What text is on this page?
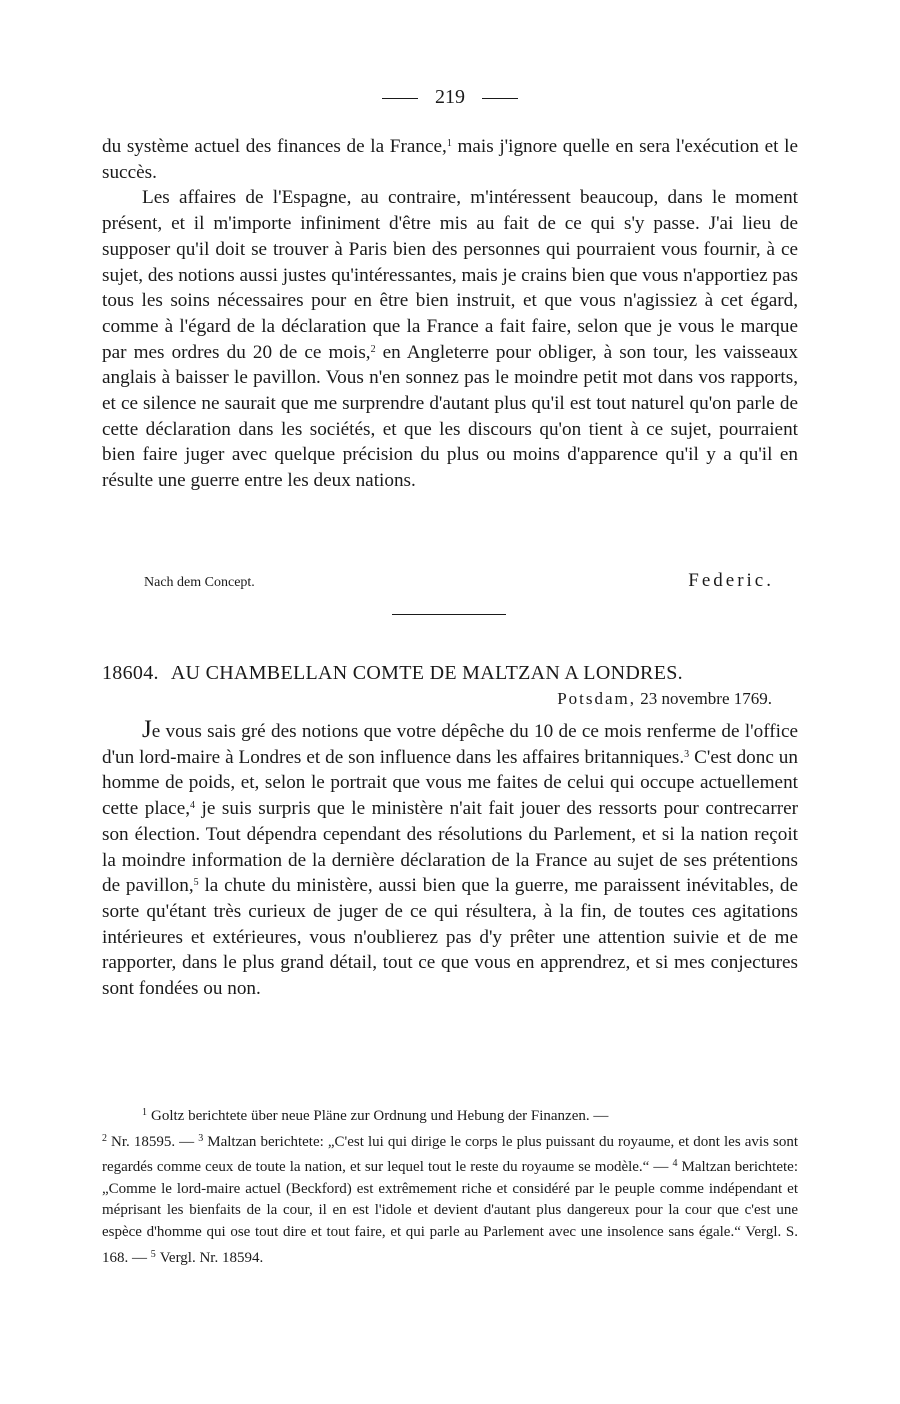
219

du système actuel des finances de la France,$^1$ mais j'ignore quelle en sera l'exécution et le succès.

Les affaires de l'Espagne, au contraire, m'intéressent beaucoup, dans le moment présent, et il m'importe infiniment d'être mis au fait de ce qui s'y passe. J'ai lieu de supposer qu'il doit se trouver à Paris bien des personnes qui pourraient vous fournir, à ce sujet, des notions aussi justes qu'intéressantes, mais je crains bien que vous n'apportiez pas tous les soins nécessaires pour en être bien instruit, et que vous n'agissiez à cet égard, comme à l'égard de la déclaration que la France a fait faire, selon que je vous le marque par mes ordres du 20 de ce mois,$^2$ en Angleterre pour obliger, à son tour, les vaisseaux anglais à baisser le pavillon. Vous n'en sonnez pas le moindre petit mot dans vos rapports, et ce silence ne saurait que me surprendre d'autant plus qu'il est tout naturel qu'on parle de cette déclaration dans les sociétés, et que les discours qu'on tient à ce sujet, pourraient bien faire juger avec quelque précision du plus ou moins d'apparence qu'il y a qu'il en résulte une guerre entre les deux nations.

Nach dem Concept.	Federic.
18604. AU CHAMBELLAN COMTE DE MALTZAN A LONDRES.
Potsdam, 23 novembre 1769.

Je vous sais gré des notions que votre dépêche du 10 de ce mois renferme de l'office d'un lord-maire à Londres et de son influence dans les affaires britanniques.$^3$ C'est donc un homme de poids, et, selon le portrait que vous me faites de celui qui occupe actuellement cette place,$^4$ je suis surpris que le ministère n'ait fait jouer des ressorts pour contrecarrer son élection. Tout dépendra cependant des résolutions du Parlement, et si la nation reçoit la moindre information de la dernière déclaration de la France au sujet de ses prétentions de pavillon,$^5$ la chute du ministère, aussi bien que la guerre, me paraissent inévitables, de sorte qu'étant très curieux de juger de ce qui résultera, à la fin, de toutes ces agitations intérieures et extérieures, vous n'oublierez pas d'y prêter une attention suivie et de me rapporter, dans le plus grand détail, tout ce que vous en apprendrez, et si mes conjectures sont fondées ou non.

$^1$ Goltz berichtete über neue Pläne zur Ordnung und Hebung der Finanzen. —

$^2$ Nr. 18595. — $^3$ Maltzan berichtete: „C'est lui qui dirige le corps le plus puissant du royaume, et dont les avis sont regardés comme ceux de toute la nation, et sur lequel tout le reste du royaume se modèle.“ — $^4$ Maltzan berichtete: „Comme le lord-maire actuel (Beckford) est extrêmement riche et considéré par le peuple comme indépendant et méprisant les bienfaits de la cour, il en est l'idole et devient d'autant plus dangereux pour la cour que c'est une espèce d'homme qui ose tout dire et tout faire, et qui parle au Parlement avec une insolence sans égale.“ Vergl. S. 168. — $^5$ Vergl. Nr. 18594.
